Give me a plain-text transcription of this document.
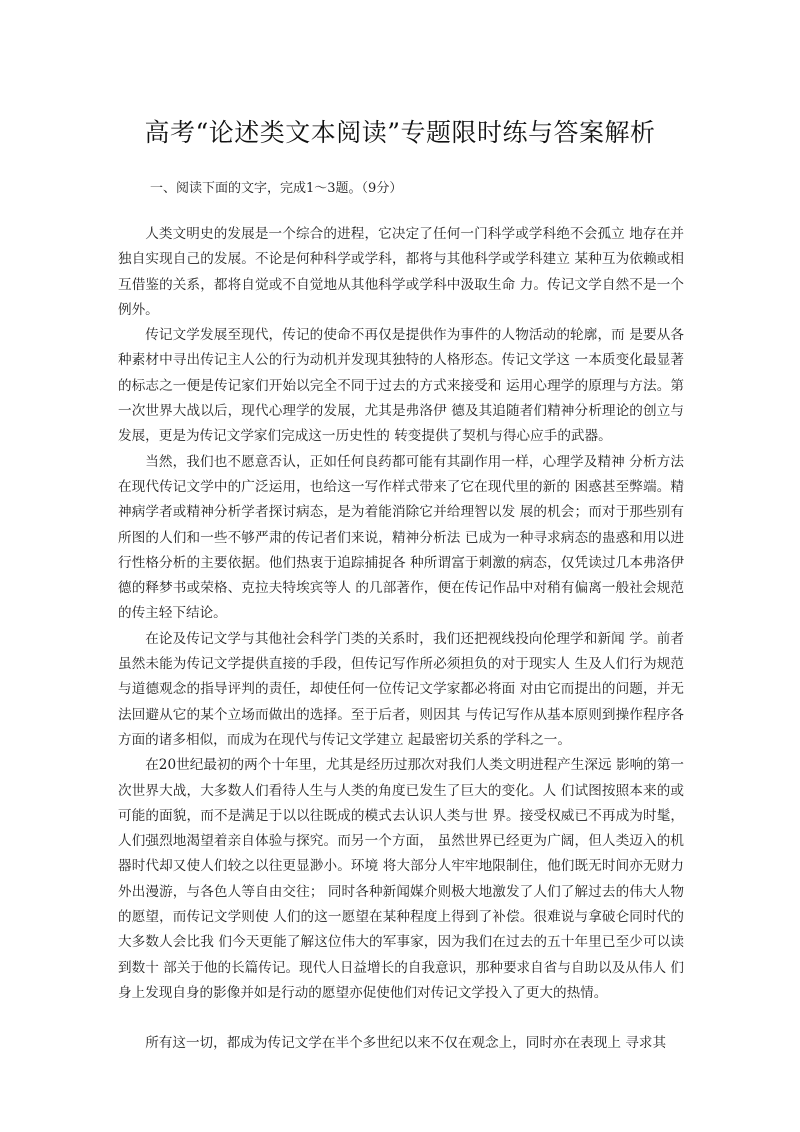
高考“论述类文本阅读”专题限时练与答案解析

一、阅读下面的文字，完成1～3题。（9分）

人类文明史的发展是一个综合的进程，它决定了任何一门科学或学科绝不会孤立 地存在并独自实现自己的发展。不论是何种科学或学科，都将与其他科学或学科建立 某种互为依赖或相互借鉴的关系，都将自觉或不自觉地从其他科学或学科中汲取生命 力。传记文学自然不是一个例外。

传记文学发展至现代，传记的使命不再仅是提供作为事件的人物活动的轮廓，而 是要从各种素材中寻出传记主人公的行为动机并发现其独特的人格形态。传记文学这 一本质变化最显著的标志之一便是传记家们开始以完全不同于过去的方式来接受和 运用心理学的原理与方法。第一次世界大战以后，现代心理学的发展，尤其是弗洛伊 德及其追随者们精神分析理论的创立与发展，更是为传记文学家们完成这一历史性的 转变提供了契机与得心应手的武器。

当然，我们也不愿意否认，正如任何良药都可能有其副作用一样，心理学及精神 分析方法在现代传记文学中的广泛运用，也给这一写作样式带来了它在现代里的新的 困惑甚至弊端。精神病学者或精神分析学者探讨病态，是为着能消除它并给理智以发 展的机会；而对于那些别有所图的人们和一些不够严肃的传记者们来说，精神分析法 已成为一种寻求病态的蛊惑和用以进行性格分析的主要依据。他们热衷于追踪捕捉各 种所谓富于刺激的病态，仅凭读过几本弗洛伊德的释梦书或荣格、克拉夫特埃宾等人 的几部著作，便在传记作品中对稍有偏离一般社会规范的传主轻下结论。

在论及传记文学与其他社会科学门类的关系时，我们还把视线投向伦理学和新闻 学。前者虽然未能为传记文学提供直接的手段，但传记写作所必须担负的对于现实人 生及人们行为规范与道德观念的指导评判的责任，却使任何一位传记文学家都必将面 对由它而提出的问题，并无法回避从它的某个立场而做出的选择。至于后者，则因其 与传记写作从基本原则到操作程序各方面的诸多相似，而成为在现代与传记文学建立 起最密切关系的学科之一。

在20世纪最初的两个十年里，尤其是经历过那次对我们人类文明进程产生深远 影响的第一次世界大战，大多数人们看待人生与人类的角度已发生了巨大的变化。人 们试图按照本来的或可能的面貌，而不是满足于以以往既成的模式去认识人类与世 界。接受权威已不再成为时髦，人们强烈地渴望着亲自体验与探究。而另一个方面， 虽然世界已经更为广阔，但人类迈入的机器时代却又使人们较之以往更显渺小。环境 将大部分人牢牢地限制住，他们既无时间亦无财力外出漫游，与各色人等自由交往； 同时各种新闻媒介则极大地激发了人们了解过去的伟大人物的愿望，而传记文学则使 人们的这一愿望在某种程度上得到了补偿。很难说与拿破仑同时代的大多数人会比我 们今天更能了解这位伟大的军事家，因为我们在过去的五十年里已至少可以读到数十 部关于他的长篇传记。现代人日益增长的自我意识，那种要求自省与自助以及从伟人 们身上发现自身的影像并如是行动的愿望亦促使他们对传记文学投入了更大的热情。

所有这一切，都成为传记文学在半个多世纪以来不仅在观念上，同时亦在表现上 寻求其
